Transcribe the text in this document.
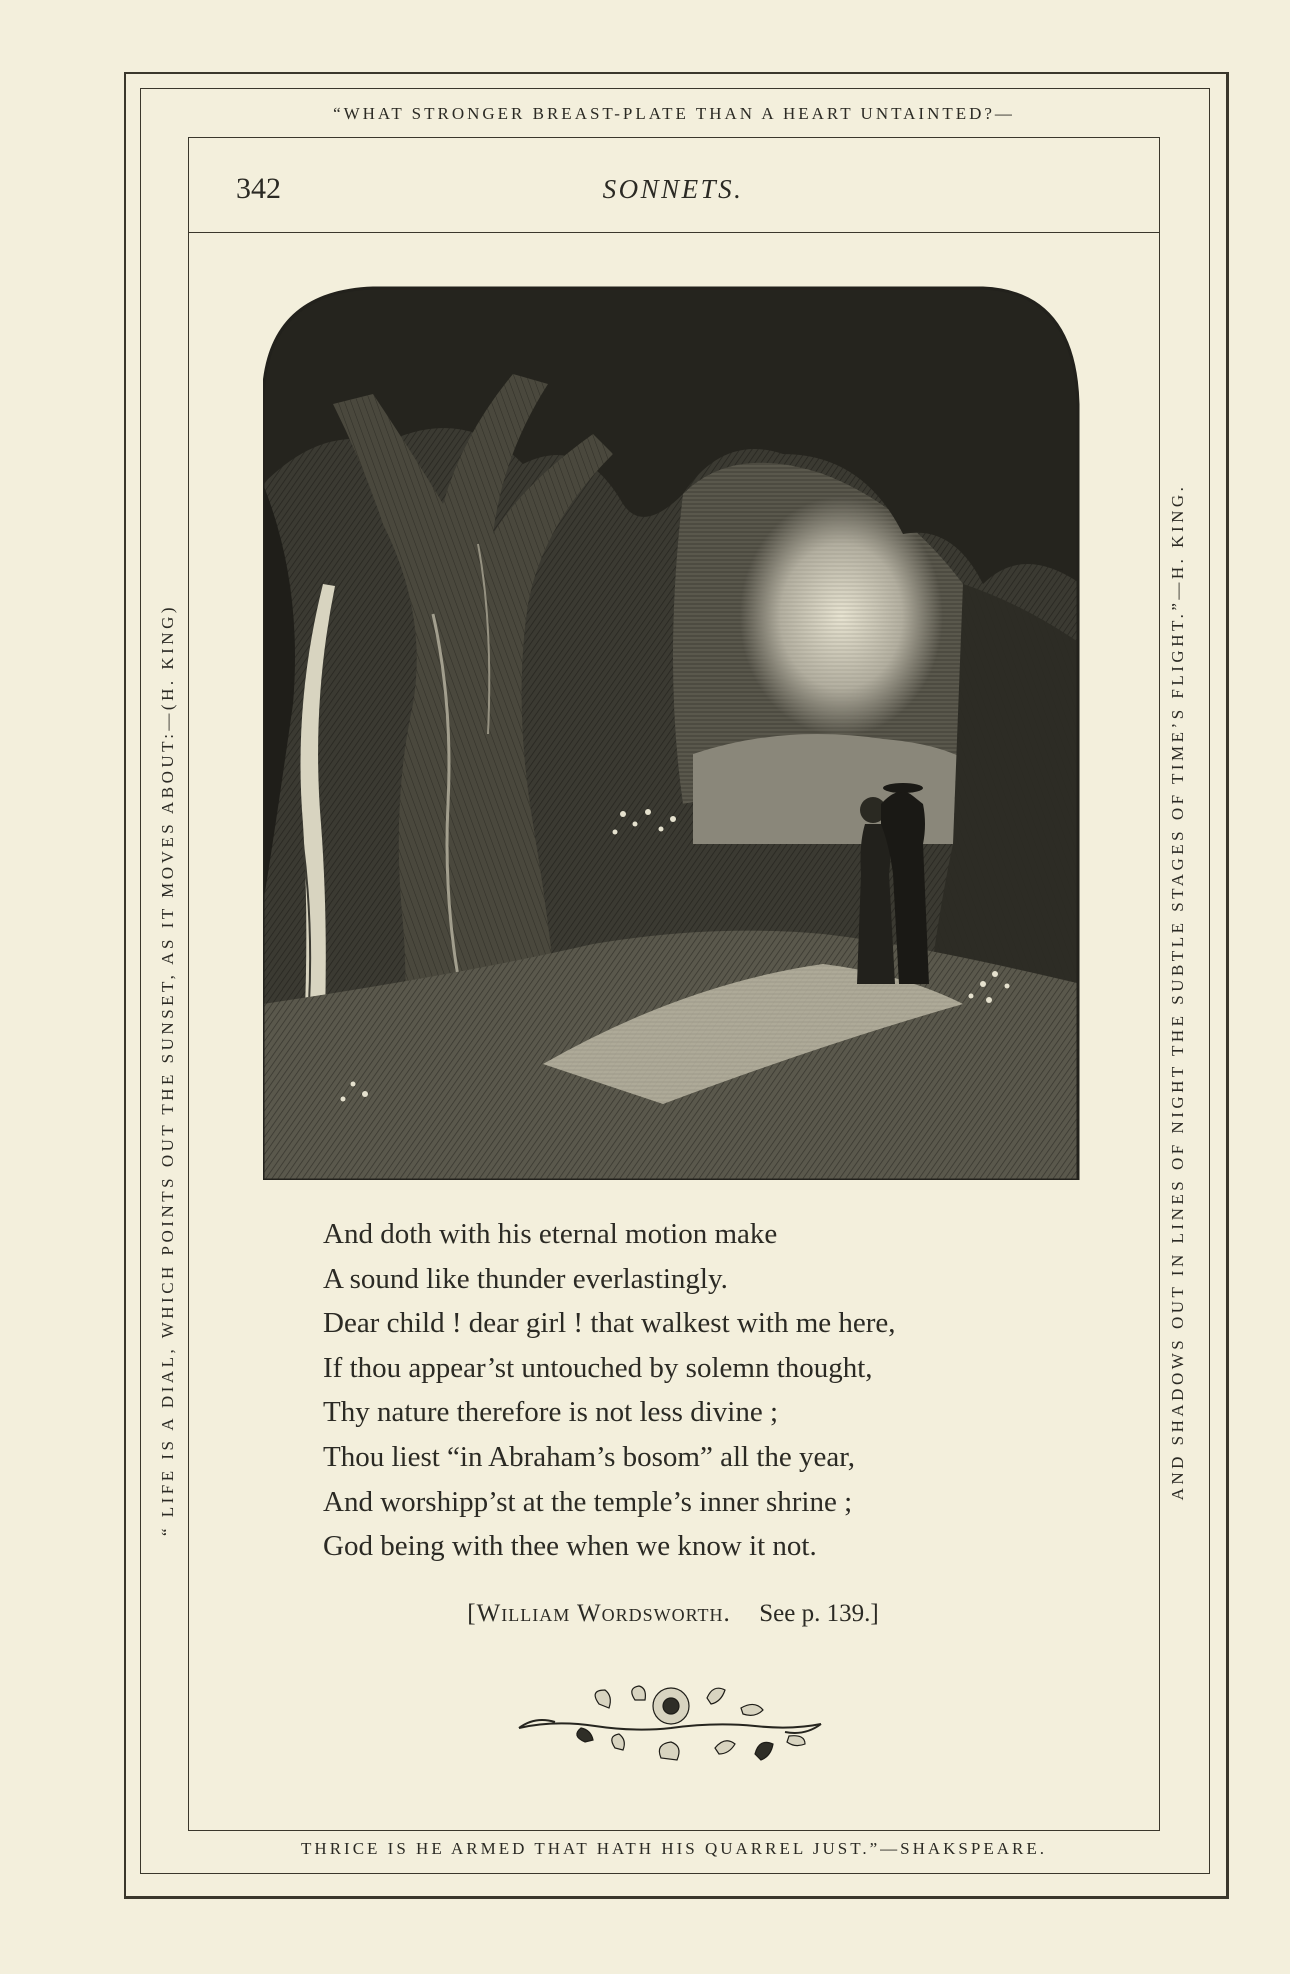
“WHAT STRONGER BREAST-PLATE THAN A HEART UNTAINTED?—
THRICE IS HE ARMED THAT HATH HIS QUARREL JUST.”—SHAKSPEARE.
“ LIFE IS A DIAL, WHICH POINTS OUT THE SUNSET, AS IT MOVES ABOUT:—(H. KING)	AND SHADOWS OUT IN LINES OF NIGHT THE SUBTLE STAGES OF TIME’S FLIGHT.”—H. KING.
342	SONNETS.
And doth with his eternal motion make
A sound like thunder everlastingly.
Dear child ! dear girl ! that walkest with me here,
If thou appear’st untouched by solemn thought,
Thy nature therefore is not less divine ;
Thou liest “in Abraham’s bosom” all the year,
And worshipp’st at the temple’s inner shrine ;
God being with thee when we know it not.
[William Wordsworth. See p. 139.]
